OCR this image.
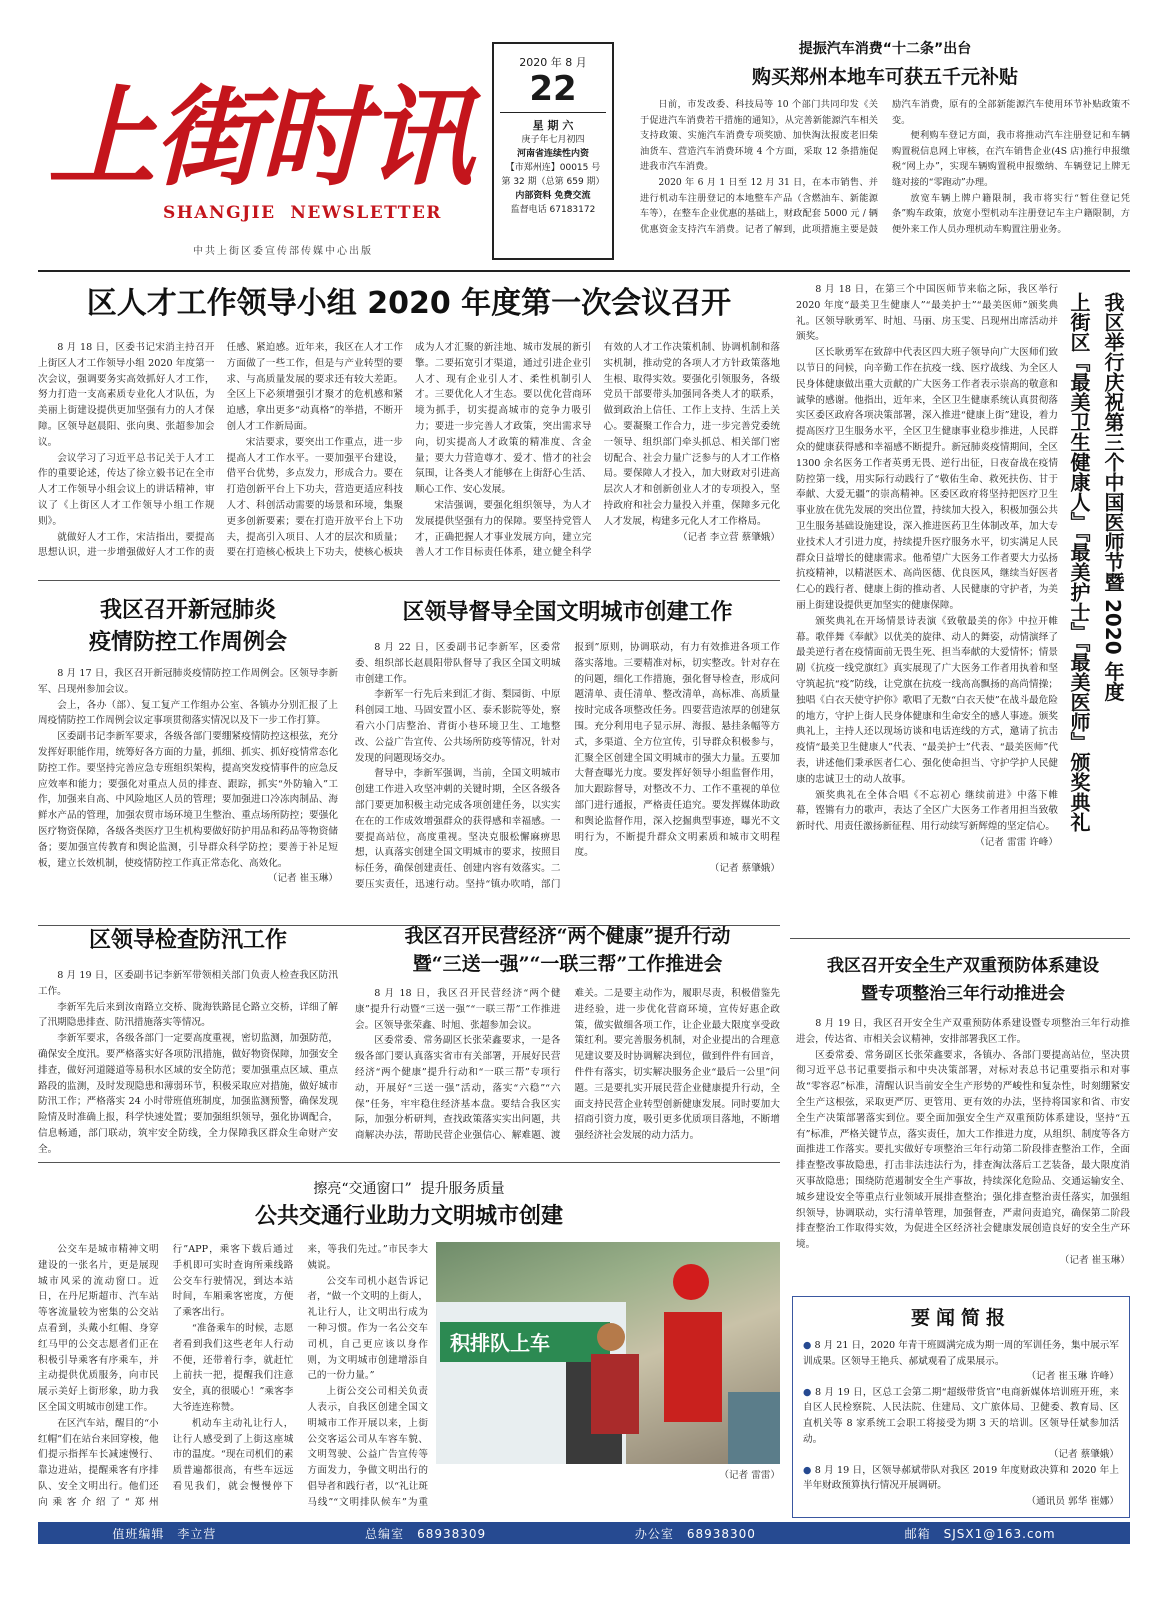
上街时讯
SHANGJIE  NEWSLETTER
中共上街区委宣传部传媒中心出版
2020 年 8 月
22
星 期 六
庚子年七月初四
河南省连续性内资
【市郑州连】00015 号
第 32 期（总第 659 期）
内部资料 免费交流
监督电话 67183172
提振汽车消费“十二条”出台
购买郑州本地车可获五千元补贴

日前，市发改委、科技局等 10 个部门共同印发《关于促进汽车消费若干措施的通知》，从完善新能源汽车相关支持政策、实施汽车消费专项奖励、加快淘汰报废老旧柴油货车、营造汽车消费环境 4 个方面，采取 12 条措施促进我市汽车消费。

2020 年 6 月 1 日至 12 月 31 日，在本市销售、并进行机动车注册登记的本地整车产品（含燃油车、新能源车等），在整车企业优惠的基础上，财政配套 5000 元 / 辆优惠资金支持汽车消费。记者了解到，此项措施主要是鼓励汽车消费，原有的全部新能源汽车使用环节补贴政策不变。

便利购车登记方面，我市将推动汽车注册登记和车辆购置税信息网上审核，在汽车销售企业(4S 店)推行申报缴税“网上办”，实现车辆购置税申报缴纳、车辆登记上牌无缝对接的“零跑动”办理。

放宽车辆上牌户籍限制，我市将实行“暂住登记凭条”购车政策，放宽小型机动车注册登记车主户籍限制，方便外来工作人员办理机动车购置注册业务。

区人才工作领导小组 2020 年度第一次会议召开

8 月 18 日，区委书记宋消主持召开上街区人才工作领导小组 2020 年度第一次会议，强调要务实高效抓好人才工作，努力打造一支高素质专业化人才队伍，为美丽上街建设提供更加坚强有力的人才保障。区领导赵晨阳、张向奥、张超参加会议。

会议学习了习近平总书记关于人才工作的重要论述，传达了徐立毅书记在全市人才工作领导小组会议上的讲话精神，审议了《上街区人才工作领导小组工作规则》。

就做好人才工作，宋洁指出，要提高思想认识，进一步增强做好人才工作的责任感、紧迫感。近年来，我区在人才工作方面做了一些工作，但是与产业转型的要求、与高质量发展的要求还有较大差距。全区上下必须增强引才聚才的危机感和紧迫感，拿出更多“动真格”的举措，不断开创人才工作新局面。

宋洁要求，要突出工作重点，进一步提高人才工作水平。一要加强平台建设，借平台优势，多点发力，形成合力。要在打造创新平台上下功夫，营造更适应科技人才、科创活动需要的场景和环境，集聚更多创新要素；要在打造开放平台上下功夫，提高引入项目、人才的层次和质量；要在打造核心板块上下功夫，使核心板块成为人才汇聚的新洼地、城市发展的新引擎。二要拓宽引才渠道，通过引进企业引人才、现有企业引人才、柔性机制引人才。三要优化人才生态。要以优化营商环境为抓手，切实提高城市的竞争力吸引力；要进一步完善人才政策，突出需求导向，切实提高人才政策的精准度、含金量；要大力营造尊才、爱才、惜才的社会氛围，让各类人才能够在上街舒心生活、顺心工作、安心发展。

宋洁强调，要强化组织领导，为人才发展提供坚强有力的保障。要坚持党管人才，正确把握人才事业发展方向，建立完善人才工作目标责任体系，建立健全科学有效的人才工作决策机制、协调机制和落实机制，推动党的各项人才方针政策落地生根、取得实效。要强化引领服务，各级党员干部要带头加强同各类人才的联系，做到政治上信任、工作上支持、生活上关心。要凝聚工作合力，进一步完善党委统一领导、组织部门牵头抓总、相关部门密切配合、社会力量广泛参与的人才工作格局。要保障人才投入，加大财政对引进高层次人才和创新创业人才的专项投入，坚持政府和社会力量投入并重，保障多元化人才发展，构建多元化人才工作格局。

（记者 李立营 蔡肇娥）

我区召开新冠肺炎
疫情防控工作周例会

8 月 17 日，我区召开新冠肺炎疫情防控工作周例会。区领导李新军、吕现州参加会议。

会上，各办（部）、复工复产工作组办公室、各镇办分别汇报了上周疫情防控工作周例会议定事项贯彻落实情况以及下一步工作打算。

区委副书记李新军要求，各级各部门要绷紧疫情防控这根弦，充分发挥好职能作用，统筹好各方面的力量，抓细、抓实、抓好疫情常态化防控工作。要坚持完善应急专班组织架构，提高突发疫情事件的应急反应效率和能力；要强化对重点人员的排查、跟踪，抓实“外防输入”工作，加强来自高、中风险地区人员的管理；要加强进口冷冻肉制品、海鲜水产品的管理，加强农贸市场环境卫生整治、重点场所防控；要强化医疗物资保障，各级各类医疗卫生机构要做好防护用品和药品等物资储备；要加强宣传教育和舆论监测，引导群众科学防控；要善于补足短板，建立长效机制，使疫情防控工作真正常态化、高效化。

（记者 崔玉琳）

区领导督导全国文明城市创建工作

8 月 22 日，区委副书记李新军，区委常委、组织部长赵晨阳带队督导了我区全国文明城市创建工作。

李新军一行先后来到汇才街、梨园街、中原科创园工地、马固安置小区、泰禾影院等处，察看六小门店整治、背街小巷环境卫生、工地整改、公益广告宣传、公共场所防疫等情况，针对发现的问题现场交办。

督导中，李新军强调，当前，全国文明城市创建工作进入攻坚冲刺的关键时期，全区各级各部门要更加积极主动完成各项创建任务，以实实在在的工作成效增强群众的获得感和幸福感。一要提高站位，高度重视。坚决克服松懈麻痹思想，认真落实创建全国文明城市的要求，按照目标任务，确保创建责任、创建内容有效落实。二要压实责任，迅速行动。坚持“镇办吹哨，部门报到”原则，协调联动，有力有效推进各项工作落实落地。三要精准对标，切实整改。针对存在的问题，细化工作措施，强化督导检查，形成问题清单、责任清单、整改清单，高标准、高质量按时完成各项整改任务。四要营造浓厚的创建氛围。充分利用电子显示屏、海报、悬挂条幅等方式，多渠道、全方位宣传，引导群众积极参与，汇聚全区创建全国文明城市的强大力量。五要加大督查曝光力度。要发挥好领导小组监督作用，加大跟踪督导，对整改不力、工作不重视的单位部门进行通报，严格责任追究。要发挥媒体助政和舆论监督作用，深入挖掘典型事迹，曝光不文明行为，不断提升群众文明素质和城市文明程度。

（记者 蔡肇娥）

区领导检查防汛工作

8 月 19 日，区委副书记李新军带领相关部门负责人检查我区防汛工作。

李新军先后来到汝南路立交桥、陇海铁路昆仑路立交桥，详细了解了汛期隐患排查、防汛措施落实等情况。

李新军要求，各级各部门一定要高度重视，密切监测，加强防范，确保安全度汛。要严格落实好各项防汛措施，做好物资保障，加强安全排查，做好河道隧道等易积水区域的安全防范；要加强重点区域、重点路段的监测，及时发现隐患和薄弱环节，积极采取应对措施，做好城市防汛工作；严格落实 24 小时带班值班制度，加强监测预警，确保发现险情及时准确上报，科学快速处置；要加强组织领导，强化协调配合，信息畅通，部门联动，筑牢安全防线，全力保障我区群众生命财产安全。

我区召开民营经济“两个健康”提升行动
暨“三送一强”“一联三帮”工作推进会

8 月 18 日，我区召开民营经济“两个健康”提升行动暨“三送一强”“一联三帮”工作推进会。区领导张荣鑫、时旭、张超参加会议。

区委常委、常务副区长张荣鑫要求，一是各级各部门要认真落实省市有关部署，开展好民营经济“两个健康”提升行动和“一联三帮”专项行动，开展好“三送一强”活动，落实“六稳”“六保”任务，牢牢稳住经济基本盘。要结合我区实际，加强分析研判，查找政策落实实出问题，共商解决办法，帮助民营企业强信心、解难题、渡难关。二是要主动作为，履职尽责，积极借鉴先进经验，进一步优化营商环境，宣传好惠企政策，做实做细各项工作，让企业最大限度享受政策红利。要完善服务机制，对企业提出的合理意见建议要及时协调解决到位，做到件件有回音，件件有落实，切实解决服务企业“最后一公里”问题。三是要扎实开展民营企业健康提升行动，全面支持民营企业转型创新健康发展。同时要加大招商引资力度，吸引更多优质项目落地，不断增强经济社会发展的动力活力。

擦亮“交通窗口”  提升服务质量
公共交通行业助力文明城市创建

公交车是城市精神文明建设的一张名片，更是展现城市风采的流动窗口。近日，在丹尼斯超市、汽车站等客流量较为密集的公交站点看到，头戴小红帽、身穿红马甲的公交志愿者们正在积极引导乘客有序乘车，并主动提供优质服务，向市民展示美好上街形象，助力我区全国文明城市创建工作。

在区汽车站，醒目的“小红帽”们在站台来回穿梭，他们提示指挥车长减速慢行、靠边进站，提醒乘客有序排队、安全文明出行。他们还向乘客介绍了“郑州行”APP，乘客下载后通过手机即可实时查询所乘线路公交车行驶情况，到达本站时间，车厢乘客密度，方便了乘客出行。

“准备乘车的时候，志愿者看到我们这些老年人行动不便，还带着行李，就赶忙上前扶一把，提醒我们注意安全，真的很暖心！”乘客李大爷连连称赞。

机动车主动礼让行人，让行人感受到了上街这座城市的温度。“现在司机们的素质普遍都很高，有些车远远看见我们，就会慢慢停下来，等我们先过。”市民李大姨说。

公交车司机小赵告诉记者，“做一个文明的上街人，礼让行人，让文明出行成为一种习惯。作为一名公交车司机，自己更应该以身作则，为文明城市创建增添自己的一份力量。”

上街公交公司相关负责人表示，自我区创建全国文明城市工作开展以来，上街公交客运公司从车容车貌、文明驾驶、公益广告宣传等方面发力，争做文明出行的倡导者和践行者，以“礼让斑马线”“文明排队候车”为重

积排队上车

（记者 雷雷）

8 月 18 日，在第三个中国医师节来临之际，我区举行 2020 年度“最美卫生健康人”“最美护士”“最美医师”颁奖典礼。区领导耿勇军、时旭、马丽、房玉雯、吕现州出席活动并颁奖。

区长耿勇军在致辞中代表区四大班子领导向广大医师们致以节日的问候，向辛勤工作在抗疫一线、医疗战线、为全区人民身体健康做出重大贡献的广大医务工作者表示崇高的敬意和诚挚的感谢。他指出，近年来，全区卫生健康系统认真贯彻落实区委区政府各项决策部署，深入推进“健康上街”建设，着力提高医疗卫生服务水平，全区卫生健康事业稳步推进，人民群众的健康获得感和幸福感不断提升。新冠肺炎疫情期间，全区 1300 余名医务工作者英勇无畏、逆行出征，日夜奋战在疫情防控第一线，用实际行动践行了“敬佑生命、救死扶伤、甘于奉献、大爱无疆”的崇高精神。区委区政府将坚持把医疗卫生事业放在优先发展的突出位置，持续加大投入，积极加强公共卫生服务基础设施建设，深入推进医药卫生体制改革，加大专业技术人才引进力度，持续提升医疗服务水平，切实满足人民群众日益增长的健康需求。他希望广大医务工作者要大力弘扬抗疫精神，以精湛医术、高尚医德、优良医风，继续当好医者仁心的践行者、健康上街的推动者、人民健康的守护者，为美丽上街建设提供更加坚实的健康保障。

颁奖典礼在开场情景诗表演《致敬最美的你》中拉开帷幕。歌伴舞《奉献》以优美的旋律、动人的舞姿，动情演绎了最美逆行者在疫情面前无畏生死、担当奉献的大爱情怀；情景剧《抗疫一线党旗红》真实展现了广大医务工作者用执着和坚守筑起抗“疫”防线，让党旗在抗疫一线高高飘扬的高尚情操；独唱《白衣天使守护你》歌唱了无数“白衣天使”在战斗最危险的地方，守护上街人民身体健康和生命安全的感人事迹。颁奖典礼上，主持人还以现场访谈和电话连线的方式，邀请了抗击疫情“最美卫生健康人”代表、“最美护士”代表、“最美医师”代表，讲述他们秉承医者仁心、强化使命担当、守护学护人民健康的忠诚卫士的动人故事。

颁奖典礼在全体合唱《不忘初心 继续前进》中落下帷幕，铿锵有力的歌声，表达了全区广大医务工作者用担当致敬新时代、用责任激扬新征程、用行动续写新辉煌的坚定信心。

（记者 雷雷 许峰）

我区举行庆祝第三个中国医师节暨 2020 年度
上街区『最美卫生健康人』『最美护士』『最美医师』颁奖典礼
我区召开安全生产双重预防体系建设
暨专项整治三年行动推进会

8 月 19 日，我区召开安全生产双重预防体系建设暨专项整治三年行动推进会，传达省、市相关会议精神，安排部署我区工作。

区委常委、常务副区长张荣鑫要求，各镇办、各部门要提高站位，坚决贯彻习近平总书记重要指示和中央决策部署，对标对表总书记重要指示和对事故“零容忍”标准，清醒认识当前安全生产形势的严峻性和复杂性，时刻绷紧安全生产这根弦，采取更严厉、更管用、更有效的办法，坚持将国家和省、市安全生产决策部署落实到位。要全面加强安全生产双重预防体系建设，坚持“五有”标准，严格关键节点，落实责任，加大工作推进力度，从组织、制度等各方面推进工作落实。要扎实做好专项整治三年行动第二阶段排查整治工作，全面排查整改事故隐患，打击非法违法行为，排查淘汰落后工艺装备，最大限度消灭事故隐患；围绕防范遏制安全生产事故，持续深化危险品、交通运输安全、城乡建设安全等重点行业领域开展排查整治；强化排查整治责任落实，加强组织领导，协调联动，实行清单管理，加强督查，严肃问责追究，确保第二阶段排查整治工作取得实效，为促进全区经济社会健康发展创造良好的安全生产环境。

（记者 崔玉琳）

要闻简报
● 8 月 21 日，2020 年青干班圆满完成为期一周的军训任务，集中展示军训成果。区领导王艳兵、郝斌观看了成果展示。
（记者 崔玉琳 许峰）
● 8 月 19 日，区总工会第二期“超级带货官”电商新媒体培训班开班，来自区人民检察院、人民法院、住建局、文广旅体局、卫健委、教育局、区直机关等 8 家系统工会职工将接受为期 3 天的培训。区领导任斌参加活动。
（记者 蔡肇娥）
● 8 月 19 日，区领导郝斌带队对我区 2019 年度财政决算和 2020 年上半年财政预算执行情况开展调研。
（通讯员 郭华 崔娜）
值班编辑　 李立营	总编室　 68938309	办公室　 68938300	邮箱　 SJSX1@163.com
